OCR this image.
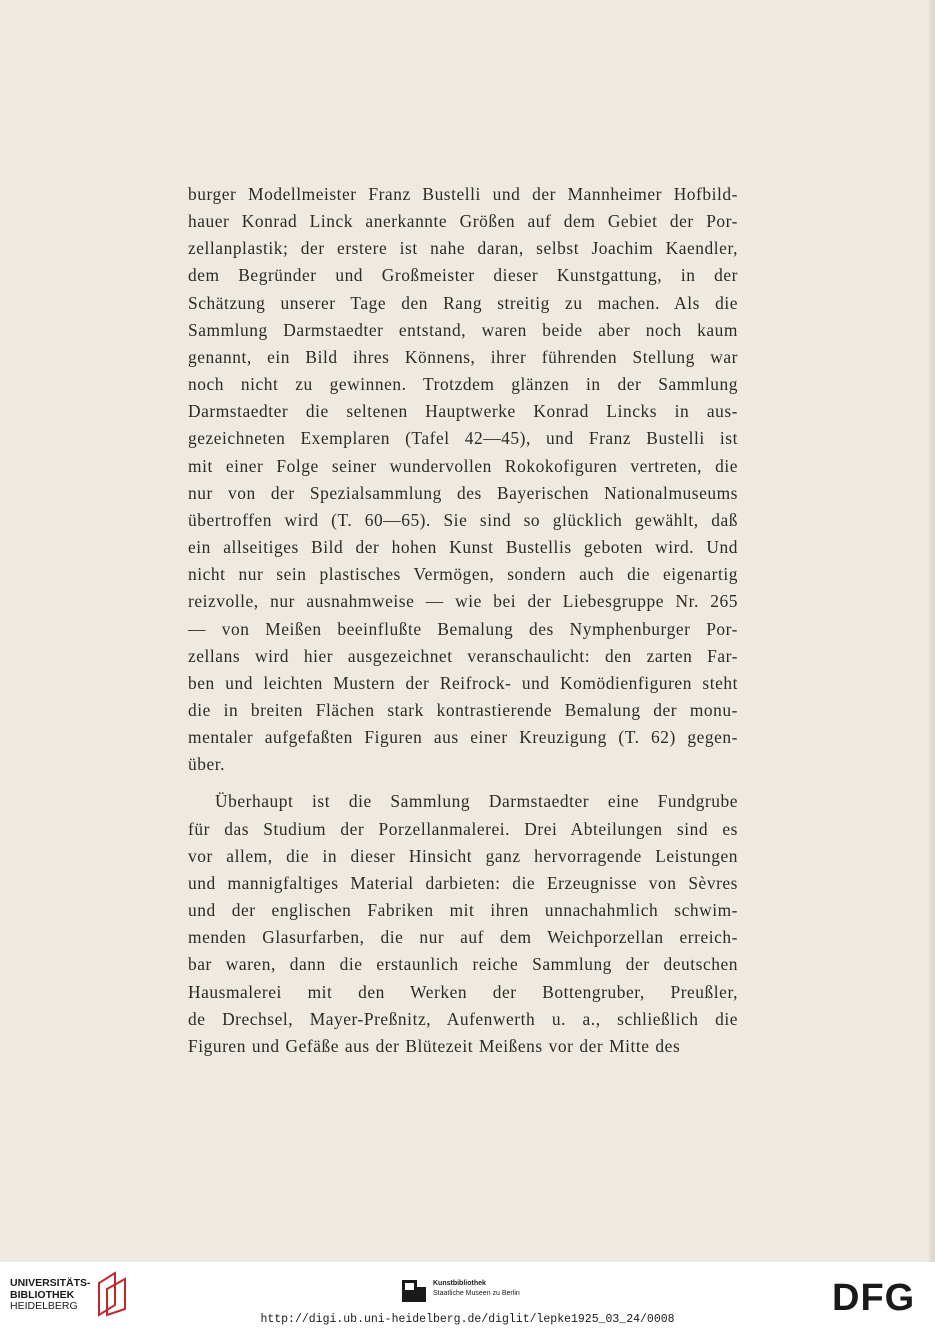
burger Modellmeister Franz Bustelli und der Mannheimer Hofbild-
hauer Konrad Linck anerkannte Größen auf dem Gebiet der Por-
zellanplastik; der erstere ist nahe daran, selbst Joachim Kaendler,
dem Begründer und Großmeister dieser Kunstgattung, in der
Schätzung unserer Tage den Rang streitig zu machen. Als die
Sammlung Darmstaedter entstand, waren beide aber noch kaum
genannt, ein Bild ihres Könnens, ihrer führenden Stellung war
noch nicht zu gewinnen. Trotzdem glänzen in der Sammlung
Darmstaedter die seltenen Hauptwerke Konrad Lincks in aus-
gezeichneten Exemplaren (Tafel 42—45), und Franz Bustelli ist
mit einer Folge seiner wundervollen Rokokofiguren vertreten, die
nur von der Spezialsammlung des Bayerischen Nationalmuseums
übertroffen wird (T. 60—65). Sie sind so glücklich gewählt, daß
ein allseitiges Bild der hohen Kunst Bustellis geboten wird. Und
nicht nur sein plastisches Vermögen, sondern auch die eigenartig
reizvolle, nur ausnahmweise — wie bei der Liebesgruppe Nr. 265
— von Meißen beeinflußte Bemalung des Nymphenburger Por-
zellans wird hier ausgezeichnet veranschaulicht: den zarten Far-
ben und leichten Mustern der Reifrock- und Komödienfiguren steht
die in breiten Flächen stark kontrastierende Bemalung der monu-
mentaler aufgefaßten Figuren aus einer Kreuzigung (T. 62) gegen-
über.

Überhaupt ist die Sammlung Darmstaedter eine Fundgrube
für das Studium der Porzellanmalerei. Drei Abteilungen sind es
vor allem, die in dieser Hinsicht ganz hervorragende Leistungen
und mannigfaltiges Material darbieten: die Erzeugnisse von Sèvres
und der englischen Fabriken mit ihren unnachahmlich schwim-
menden Glasurfarben, die nur auf dem Weichporzellan erreich-
bar waren, dann die erstaunlich reiche Sammlung der deutschen
Hausmalerei mit den Werken der Bottengruber, Preußler,
de Drechsel, Mayer-Preßnitz, Aufenwerth u. a., schließlich die
Figuren und Gefäße aus der Blütezeit Meißens vor der Mitte des

UNIVERSITÄTS-
BIBLIOTHEK
HEIDELBERG
Kunstbibliothek
Staatliche Museen zu Berlin	DFG
http://digi.ub.uni-heidelberg.de/diglit/lepke1925_03_24/0008
